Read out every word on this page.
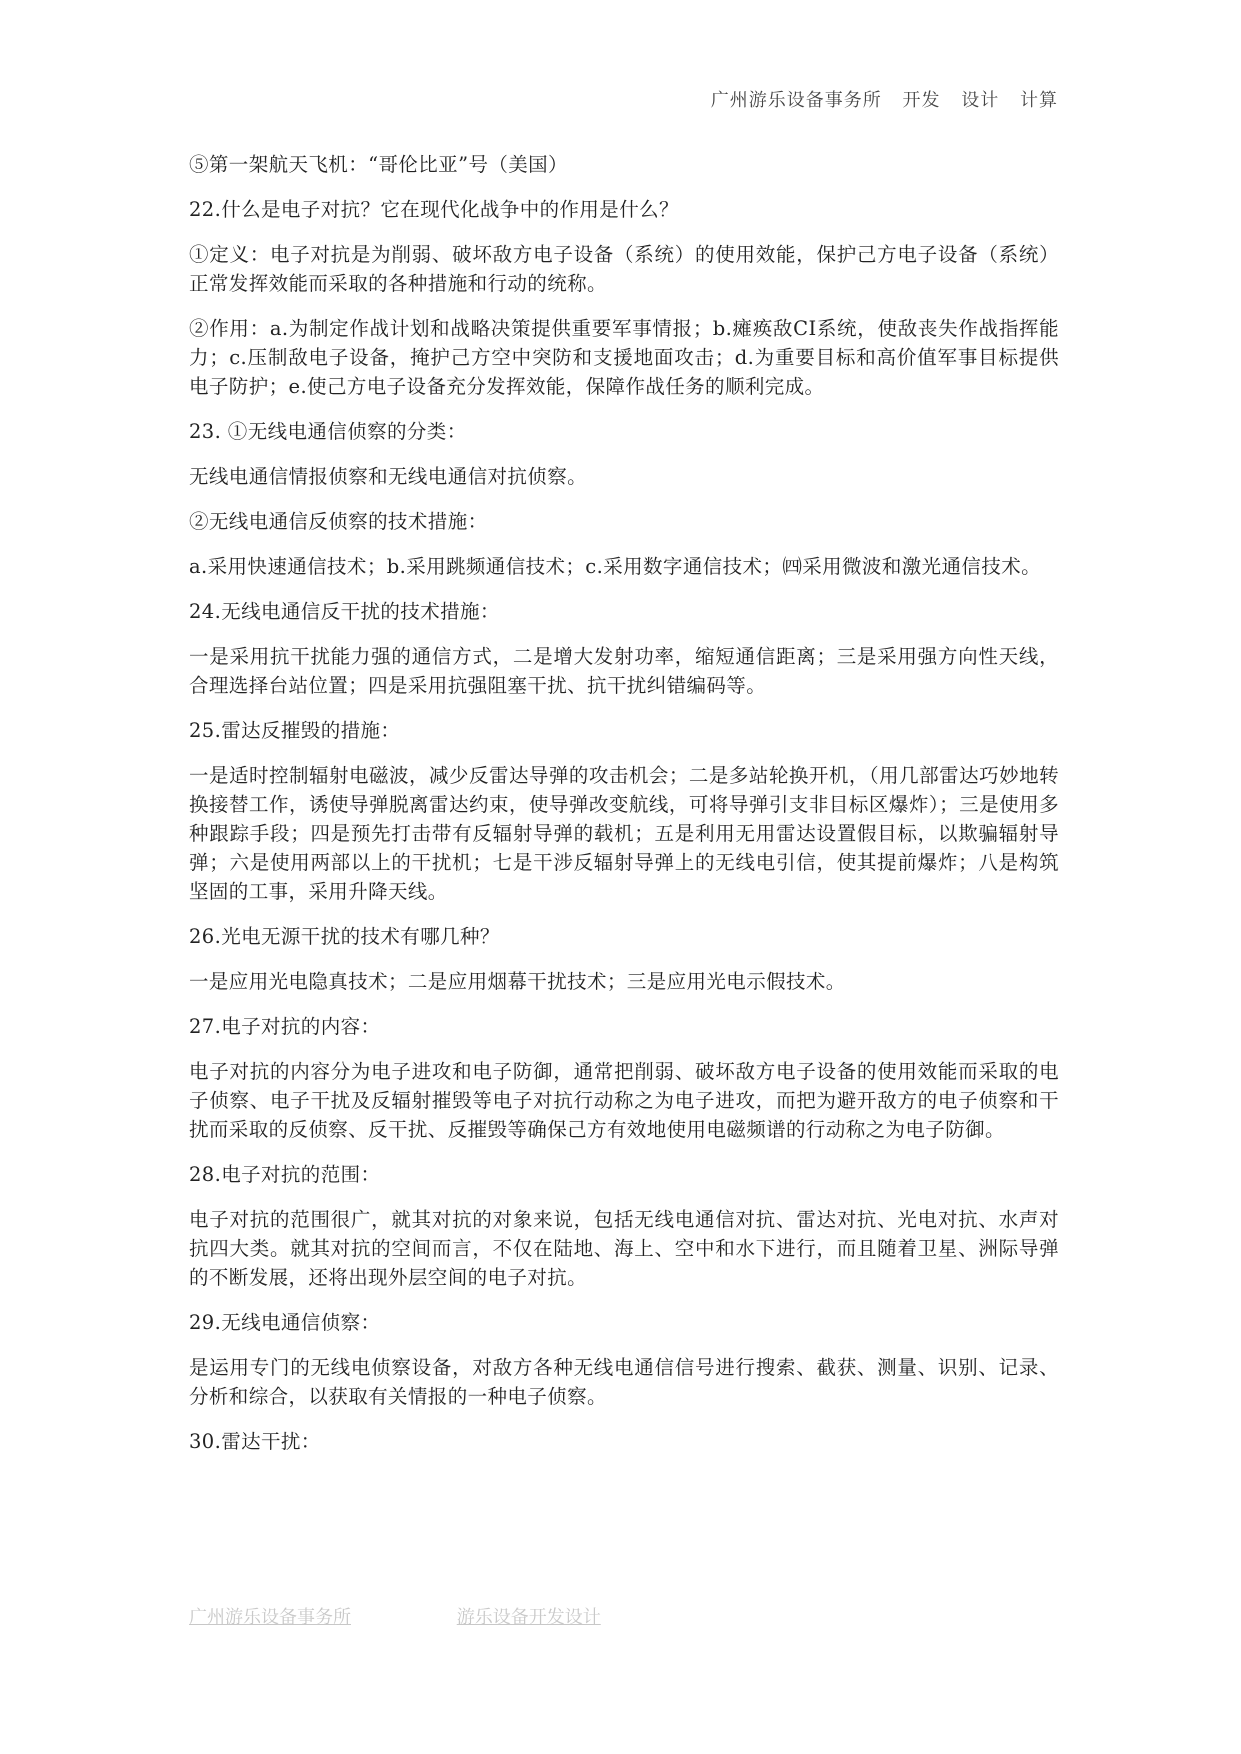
广州游乐设备事务所 开发 设计 计算

⑤第一架航天飞机：“哥伦比亚”号（美国）

22.什么是电子对抗？它在现代化战争中的作用是什么？

①定义：电子对抗是为削弱、破坏敌方电子设备（系统）的使用效能，保护己方电子设备（系统）正常发挥效能而采取的各种措施和行动的统称。

②作用：a.为制定作战计划和战略决策提供重要军事情报；b.瘫痪敌CI系统，使敌丧失作战指挥能力；c.压制敌电子设备，掩护己方空中突防和支援地面攻击；d.为重要目标和高价值军事目标提供电子防护；e.使己方电子设备充分发挥效能，保障作战任务的顺利完成。

23. ①无线电通信侦察的分类：

无线电通信情报侦察和无线电通信对抗侦察。

②无线电通信反侦察的技术措施：

a.采用快速通信技术；b.采用跳频通信技术；c.采用数字通信技术；㈣采用微波和激光通信技术。

24.无线电通信反干扰的技术措施：

一是采用抗干扰能力强的通信方式，二是增大发射功率，缩短通信距离；三是采用强方向性天线，合理选择台站位置；四是采用抗强阻塞干扰、抗干扰纠错编码等。

25.雷达反摧毁的措施：

一是适时控制辐射电磁波，减少反雷达导弹的攻击机会；二是多站轮换开机，（用几部雷达巧妙地转换接替工作，诱使导弹脱离雷达约束，使导弹改变航线，可将导弹引支非目标区爆炸）；三是使用多种跟踪手段；四是预先打击带有反辐射导弹的载机；五是利用无用雷达设置假目标，以欺骗辐射导弹；六是使用两部以上的干扰机；七是干涉反辐射导弹上的无线电引信，使其提前爆炸；八是构筑坚固的工事，采用升降天线。

26.光电无源干扰的技术有哪几种？

一是应用光电隐真技术；二是应用烟幕干扰技术；三是应用光电示假技术。

27.电子对抗的内容：

电子对抗的内容分为电子进攻和电子防御，通常把削弱、破坏敌方电子设备的使用效能而采取的电子侦察、电子干扰及反辐射摧毁等电子对抗行动称之为电子进攻，而把为避开敌方的电子侦察和干扰而采取的反侦察、反干扰、反摧毁等确保己方有效地使用电磁频谱的行动称之为电子防御。

28.电子对抗的范围：

电子对抗的范围很广，就其对抗的对象来说，包括无线电通信对抗、雷达对抗、光电对抗、水声对抗四大类。就其对抗的空间而言，不仅在陆地、海上、空中和水下进行，而且随着卫星、洲际导弹的不断发展，还将出现外层空间的电子对抗。

29.无线电通信侦察：

是运用专门的无线电侦察设备，对敌方各种无线电通信信号进行搜索、截获、测量、识别、记录、分析和综合，以获取有关情报的一种电子侦察。

30.雷达干扰：

广州游乐设备事务所	游乐设备开发设计
